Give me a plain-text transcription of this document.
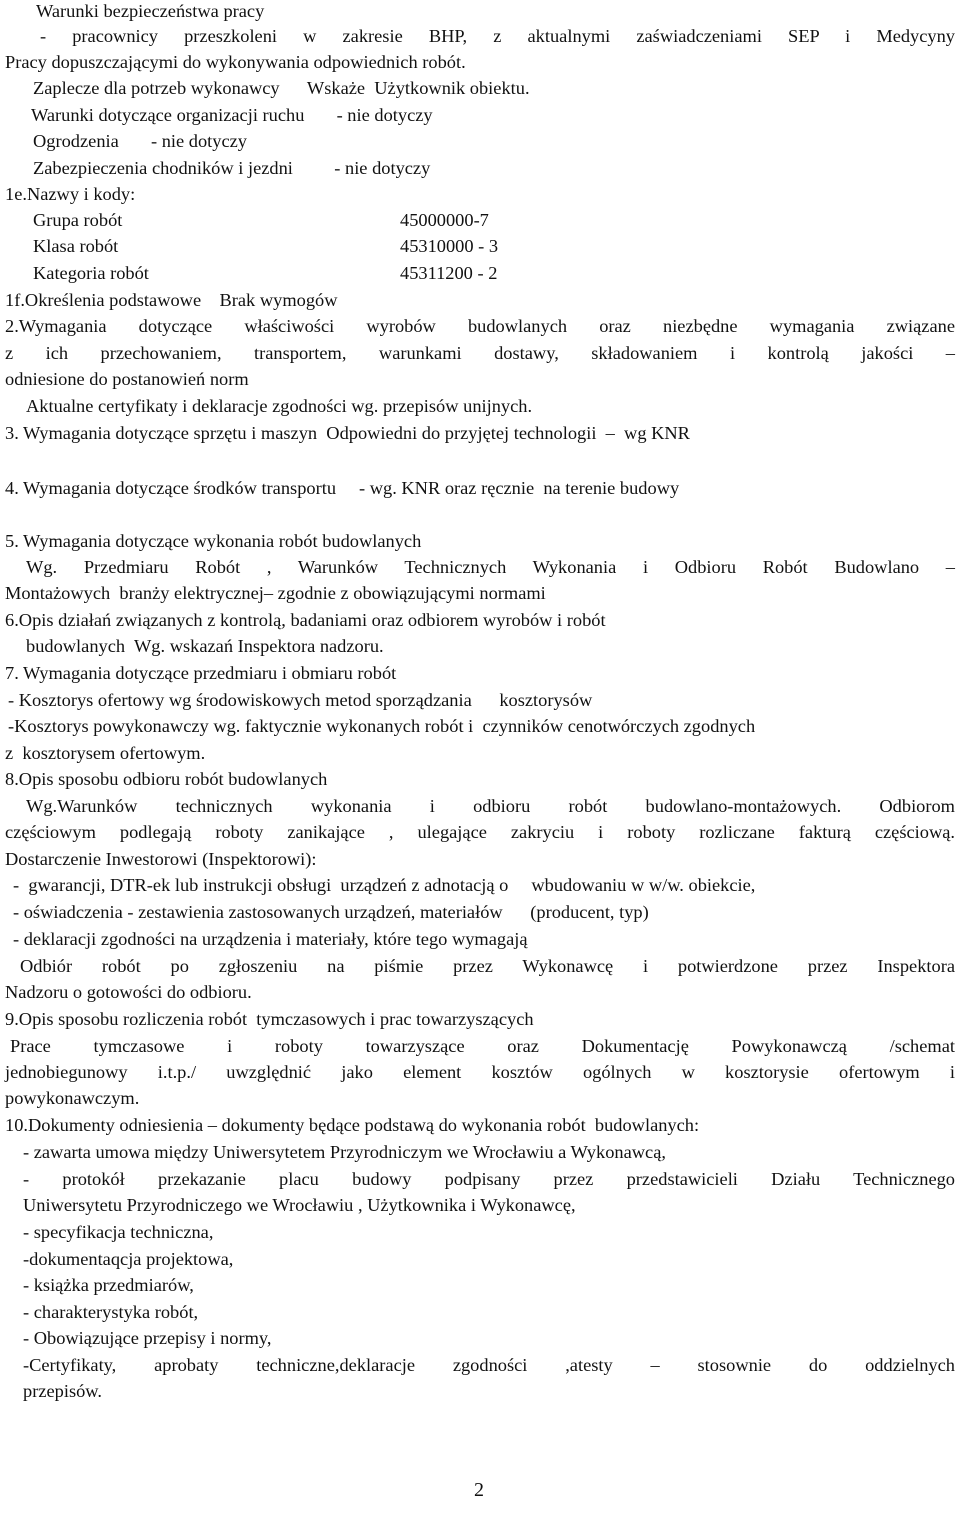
Warunki bezpieczeństwa pracy

- pracownicy przeszkoleni w zakresie BHP, z aktualnymi zaświadczeniami SEP i Medycyny

Pracy dopuszczającymi do wykonywania odpowiednich robót.

Zaplecze dla potrzeb wykonawcy      Wskaże  Użytkownik obiektu.

Warunki dotyczące organizacji ruchu       - nie dotyczy

Ogrodzenia       - nie dotyczy

Zabezpieczenia chodników i jezdni         - nie dotyczy

1e.Nazwy i kody:

Grupa robót	45000000-7

Klasa robót	45310000 - 3

Kategoria robót	45311200 - 2

1f.Określenia podstawowe    Brak wymogów

2.Wymagania dotyczące właściwości wyrobów budowlanych oraz niezbędne wymagania związane

z ich przechowaniem, transportem, warunkami dostawy, składowaniem i kontrolą jakości –

odniesione do postanowień norm

Aktualne certyfikaty i deklaracje zgodności wg. przepisów unijnych.

3. Wymagania dotyczące sprzętu i maszyn  Odpowiedni do przyjętej technologii  –  wg KNR

4. Wymagania dotyczące środków transportu     - wg. KNR oraz ręcznie  na terenie budowy

5. Wymagania dotyczące wykonania robót budowlanych

Wg. Przedmiaru Robót , Warunków Technicznych Wykonania i Odbioru Robót Budowlano –

Montażowych  branży elektrycznej– zgodnie z obowiązującymi normami

6.Opis działań związanych z kontrolą, badaniami oraz odbiorem wyrobów i robót

budowlanych  Wg. wskazań Inspektora nadzoru.

7. Wymagania dotyczące przedmiaru i obmiaru robót

- Kosztorys ofertowy wg środowiskowych metod sporządzania      kosztorysów

-Kosztorys powykonawczy wg. faktycznie wykonanych robót i  czynników cenotwórczych zgodnych

z  kosztorysem ofertowym.

8.Opis sposobu odbioru robót budowlanych

Wg.Warunków technicznych wykonania i odbioru robót budowlano-montażowych. Odbiorom

częściowym podlegają roboty zanikające , ulegające zakryciu i roboty rozliczane fakturą częściową.

Dostarczenie Inwestorowi (Inspektorowi):

-  gwarancji, DTR-ek lub instrukcji obsługi  urządzeń z adnotacją o     wbudowaniu w w/w. obiekcie,

- oświadczenia - zestawienia zastosowanych urządzeń, materiałów      (producent, typ)

- deklaracji zgodności na urządzenia i materiały, które tego wymagają

Odbiór robót po zgłoszeniu na piśmie przez Wykonawcę i potwierdzone przez Inspektora

Nadzoru o gotowości do odbioru.

9.Opis sposobu rozliczenia robót  tymczasowych i prac towarzyszących

Prace tymczasowe i roboty towarzyszące oraz Dokumentację Powykonawczą /schemat

jednobiegunowy i.t.p./ uwzględnić jako element kosztów ogólnych w kosztorysie ofertowym i

powykonawczym.

10.Dokumenty odniesienia – dokumenty będące podstawą do wykonania robót  budowlanych:

- zawarta umowa między Uniwersytetem Przyrodniczym we Wrocławiu a Wykonawcą,

- protokół przekazanie placu budowy podpisany przez przedstawicieli Działu Technicznego

Uniwersytetu Przyrodniczego we Wrocławiu , Użytkownika i Wykonawcę,

- specyfikacja techniczna,

-dokumentaqcja projektowa,

- książka przedmiarów,

- charakterystyka robót,

- Obowiązujące przepisy i normy,

-Certyfikaty, aprobaty techniczne,deklaracje zgodności ,atesty – stosownie do oddzielnych

przepisów.

2
